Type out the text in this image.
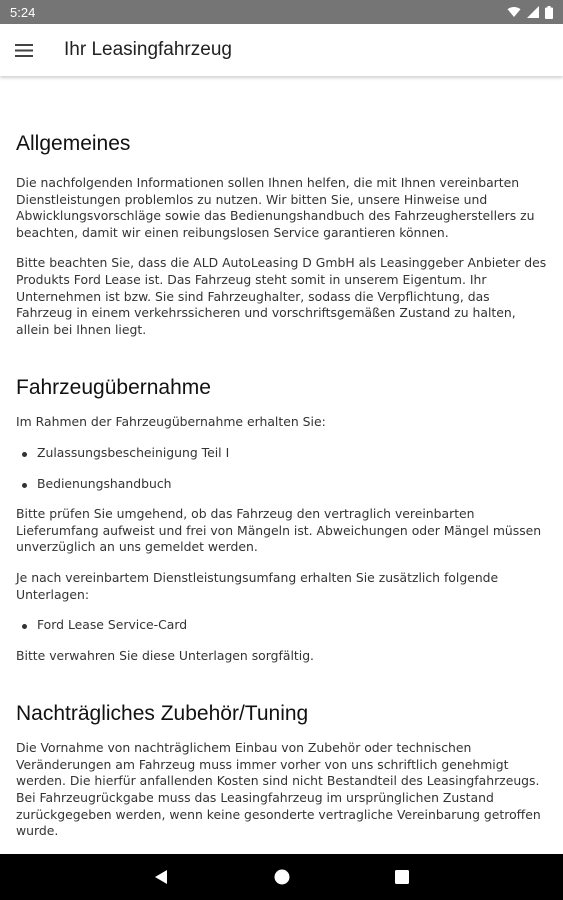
5:24
Ihr Leasingfahrzeug
Allgemeines

Die nachfolgenden Informationen sollen Ihnen helfen, die mit Ihnen vereinbarten
Dienstleistungen problemlos zu nutzen. Wir bitten Sie, unsere Hinweise und
Abwicklungsvorschläge sowie das Bedienungshandbuch des Fahrzeugherstellers zu
beachten, damit wir einen reibungslosen Service garantieren können.

Bitte beachten Sie, dass die ALD AutoLeasing D GmbH als Leasinggeber Anbieter des
Produkts Ford Lease ist. Das Fahrzeug steht somit in unserem Eigentum. Ihr
Unternehmen ist bzw. Sie sind Fahrzeughalter, sodass die Verpflichtung, das
Fahrzeug in einem verkehrssicheren und vorschriftsgemäßen Zustand zu halten,
allein bei Ihnen liegt.

Fahrzeugübernahme

Im Rahmen der Fahrzeugübernahme erhalten Sie:

Zulassungsbescheinigung Teil I
Bedienungshandbuch

Bitte prüfen Sie umgehend, ob das Fahrzeug den vertraglich vereinbarten
Lieferumfang aufweist und frei von Mängeln ist. Abweichungen oder Mängel müssen
unverzüglich an uns gemeldet werden.

Je nach vereinbartem Dienstleistungsumfang erhalten Sie zusätzlich folgende
Unterlagen:

Ford Lease Service-Card

Bitte verwahren Sie diese Unterlagen sorgfältig.

Nachträgliches Zubehör/Tuning

Die Vornahme von nachträglichem Einbau von Zubehör oder technischen
Veränderungen am Fahrzeug muss immer vorher von uns schriftlich genehmigt
werden. Die hierfür anfallenden Kosten sind nicht Bestandteil des Leasingfahrzeugs.
Bei Fahrzeugrückgabe muss das Leasingfahrzeug im ursprünglichen Zustand
zurückgegeben werden, wenn keine gesonderte vertragliche Vereinbarung getroffen
wurde.
